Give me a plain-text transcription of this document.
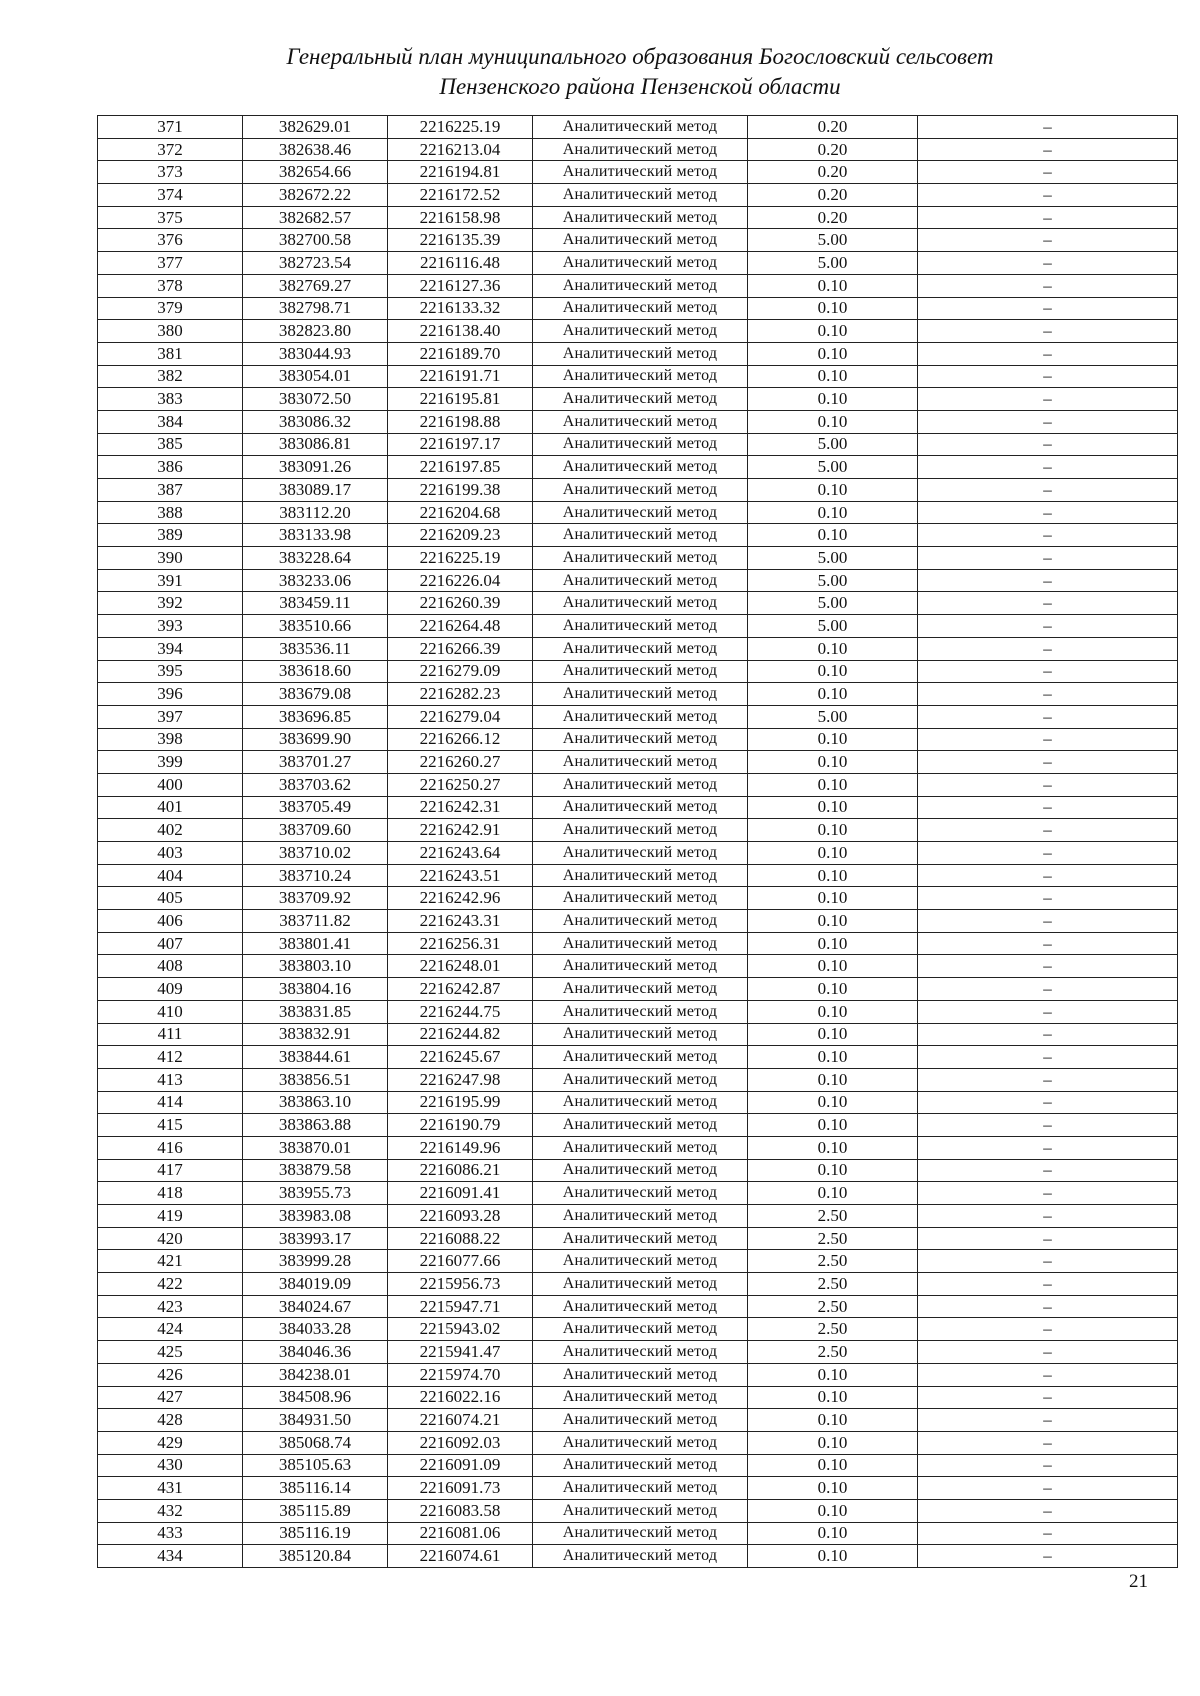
Генеральный план муниципального образования Богословский сельсовет
Пензенского района Пензенской области
371	382629.01	2216225.19	Аналитический метод	0.20	–
372	382638.46	2216213.04	Аналитический метод	0.20	–
373	382654.66	2216194.81	Аналитический метод	0.20	–
374	382672.22	2216172.52	Аналитический метод	0.20	–
375	382682.57	2216158.98	Аналитический метод	0.20	–
376	382700.58	2216135.39	Аналитический метод	5.00	–
377	382723.54	2216116.48	Аналитический метод	5.00	–
378	382769.27	2216127.36	Аналитический метод	0.10	–
379	382798.71	2216133.32	Аналитический метод	0.10	–
380	382823.80	2216138.40	Аналитический метод	0.10	–
381	383044.93	2216189.70	Аналитический метод	0.10	–
382	383054.01	2216191.71	Аналитический метод	0.10	–
383	383072.50	2216195.81	Аналитический метод	0.10	–
384	383086.32	2216198.88	Аналитический метод	0.10	–
385	383086.81	2216197.17	Аналитический метод	5.00	–
386	383091.26	2216197.85	Аналитический метод	5.00	–
387	383089.17	2216199.38	Аналитический метод	0.10	–
388	383112.20	2216204.68	Аналитический метод	0.10	–
389	383133.98	2216209.23	Аналитический метод	0.10	–
390	383228.64	2216225.19	Аналитический метод	5.00	–
391	383233.06	2216226.04	Аналитический метод	5.00	–
392	383459.11	2216260.39	Аналитический метод	5.00	–
393	383510.66	2216264.48	Аналитический метод	5.00	–
394	383536.11	2216266.39	Аналитический метод	0.10	–
395	383618.60	2216279.09	Аналитический метод	0.10	–
396	383679.08	2216282.23	Аналитический метод	0.10	–
397	383696.85	2216279.04	Аналитический метод	5.00	–
398	383699.90	2216266.12	Аналитический метод	0.10	–
399	383701.27	2216260.27	Аналитический метод	0.10	–
400	383703.62	2216250.27	Аналитический метод	0.10	–
401	383705.49	2216242.31	Аналитический метод	0.10	–
402	383709.60	2216242.91	Аналитический метод	0.10	–
403	383710.02	2216243.64	Аналитический метод	0.10	–
404	383710.24	2216243.51	Аналитический метод	0.10	–
405	383709.92	2216242.96	Аналитический метод	0.10	–
406	383711.82	2216243.31	Аналитический метод	0.10	–
407	383801.41	2216256.31	Аналитический метод	0.10	–
408	383803.10	2216248.01	Аналитический метод	0.10	–
409	383804.16	2216242.87	Аналитический метод	0.10	–
410	383831.85	2216244.75	Аналитический метод	0.10	–
411	383832.91	2216244.82	Аналитический метод	0.10	–
412	383844.61	2216245.67	Аналитический метод	0.10	–
413	383856.51	2216247.98	Аналитический метод	0.10	–
414	383863.10	2216195.99	Аналитический метод	0.10	–
415	383863.88	2216190.79	Аналитический метод	0.10	–
416	383870.01	2216149.96	Аналитический метод	0.10	–
417	383879.58	2216086.21	Аналитический метод	0.10	–
418	383955.73	2216091.41	Аналитический метод	0.10	–
419	383983.08	2216093.28	Аналитический метод	2.50	–
420	383993.17	2216088.22	Аналитический метод	2.50	–
421	383999.28	2216077.66	Аналитический метод	2.50	–
422	384019.09	2215956.73	Аналитический метод	2.50	–
423	384024.67	2215947.71	Аналитический метод	2.50	–
424	384033.28	2215943.02	Аналитический метод	2.50	–
425	384046.36	2215941.47	Аналитический метод	2.50	–
426	384238.01	2215974.70	Аналитический метод	0.10	–
427	384508.96	2216022.16	Аналитический метод	0.10	–
428	384931.50	2216074.21	Аналитический метод	0.10	–
429	385068.74	2216092.03	Аналитический метод	0.10	–
430	385105.63	2216091.09	Аналитический метод	0.10	–
431	385116.14	2216091.73	Аналитический метод	0.10	–
432	385115.89	2216083.58	Аналитический метод	0.10	–
433	385116.19	2216081.06	Аналитический метод	0.10	–
434	385120.84	2216074.61	Аналитический метод	0.10	–
21
